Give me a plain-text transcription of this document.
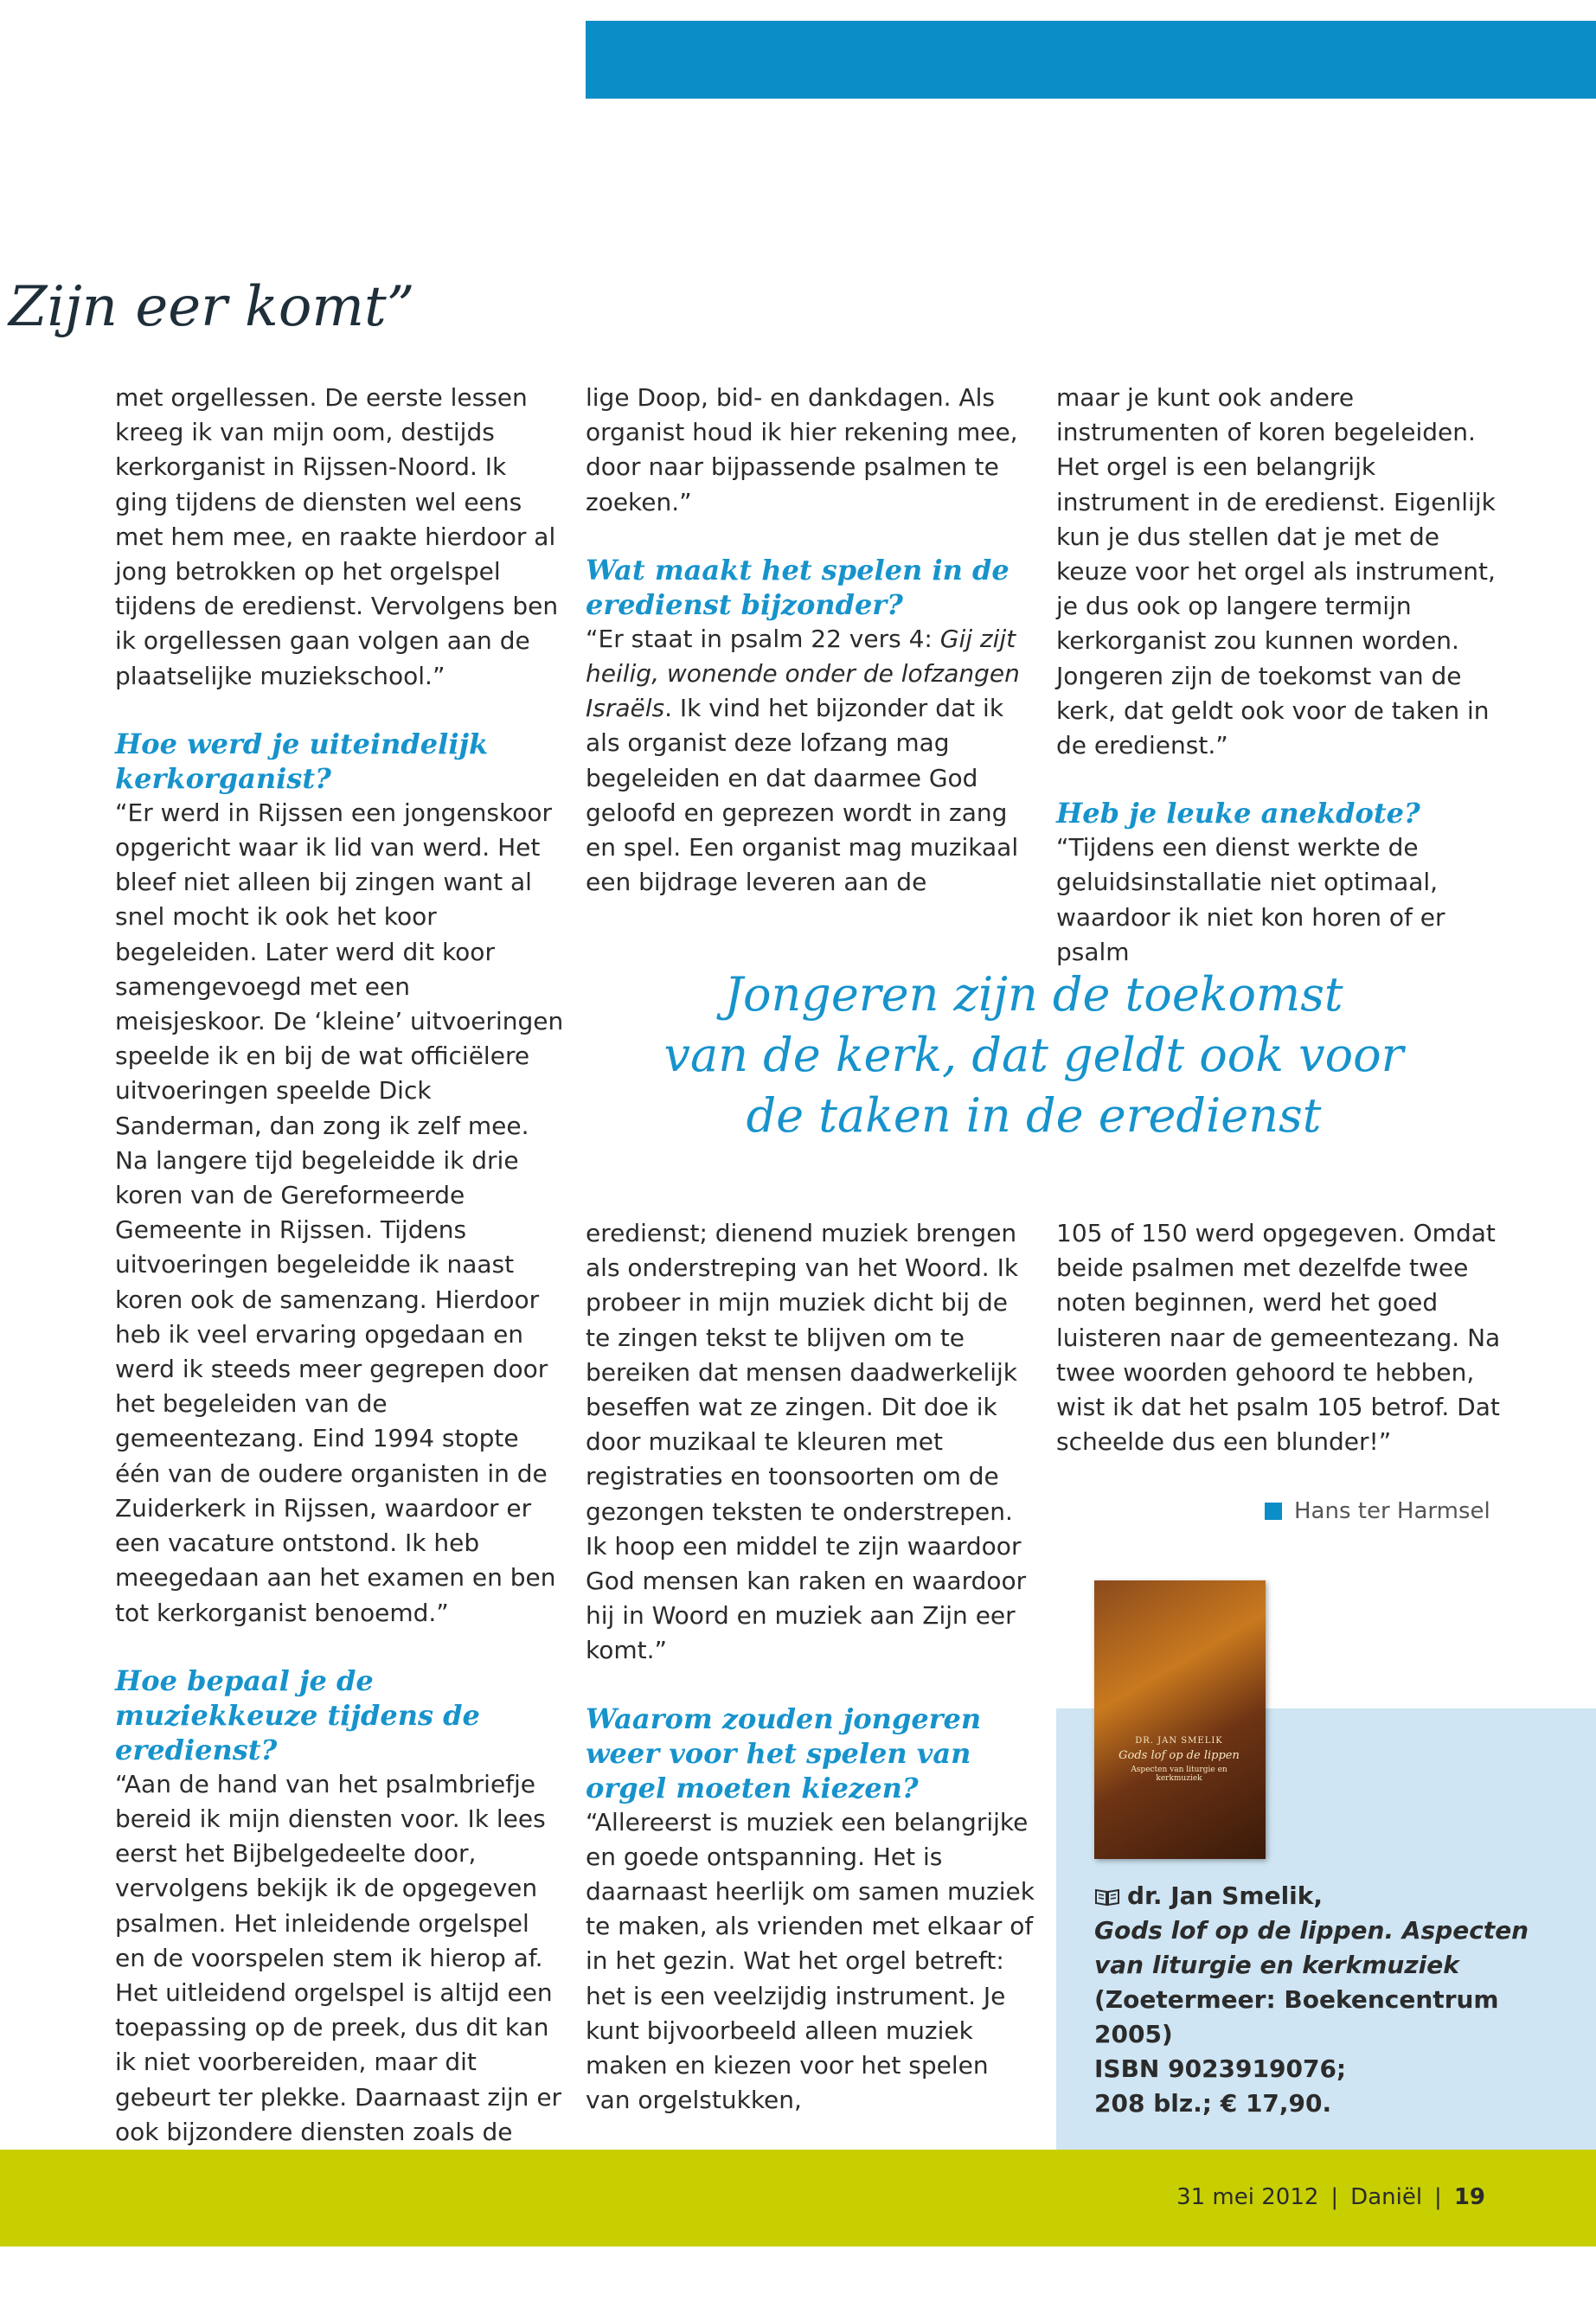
Zijn eer komt”

met orgellessen. De eerste lessen kreeg ik van mijn oom, destijds kerkorganist in Rijssen-Noord. Ik ging tijdens de diensten wel eens met hem mee, en raakte hierdoor al jong betrokken op het orgelspel tijdens de eredienst. Vervolgens ben ik orgellessen gaan volgen aan de plaatselijke muziekschool.”

Hoe werd je uiteindelijk kerkorganist?

“Er werd in Rijssen een jongenskoor opgericht waar ik lid van werd. Het bleef niet alleen bij zingen want al snel mocht ik ook het koor begeleiden. Later werd dit koor samengevoegd met een meisjeskoor. De ‘kleine’ uitvoeringen speelde ik en bij de wat officiëlere uitvoeringen speelde Dick Sanderman, dan zong ik zelf mee. Na langere tijd begeleidde ik drie koren van de Gereformeerde Gemeente in Rijssen. Tijdens uitvoeringen begeleidde ik naast koren ook de samenzang. Hierdoor heb ik veel ervaring opgedaan en werd ik steeds meer gegrepen door het begeleiden van de gemeentezang. Eind 1994 stopte één van de oudere organisten in de Zuiderkerk in Rijssen, waardoor er een vacature ontstond. Ik heb meegedaan aan het examen en ben tot kerkorganist benoemd.”

Hoe bepaal je de muziekkeuze tijdens de eredienst?

“Aan de hand van het psalmbriefje bereid ik mijn diensten voor. Ik lees eerst het Bijbelgedeelte door, vervolgens bekijk ik de opgegeven psalmen. Het inleidende orgelspel en de voorspelen stem ik hierop af. Het uitleidend orgelspel is altijd een toepassing op de preek, dus dit kan ik niet voorbereiden, maar dit gebeurt ter plekke. Daarnaast zijn er ook bijzondere diensten zoals de

lige Doop, bid- en dankdagen. Als organist houd ik hier rekening mee, door naar bijpassende psalmen te zoeken.”

Wat maakt het spelen in de eredienst bijzonder?

“Er staat in psalm 22 vers 4: Gij zijt heilig, wonende onder de lofzangen Israëls. Ik vind het bijzonder dat ik als organist deze lofzang mag begeleiden en dat daarmee God geloofd en geprezen wordt in zang en spel. Een organist mag muzikaal een bijdrage leveren aan de

maar je kunt ook andere instrumenten of koren begeleiden. Het orgel is een belangrijk instrument in de eredienst. Eigenlijk kun je dus stellen dat je met de keuze voor het orgel als instrument, je dus ook op langere termijn kerkorganist zou kunnen worden. Jongeren zijn de toekomst van de kerk, dat geldt ook voor de taken in de eredienst.”

Heb je leuke anekdote?

“Tijdens een dienst werkte de geluidsinstallatie niet optimaal, waardoor ik niet kon horen of er psalm

Jongeren zijn de toekomst
van de kerk, dat geldt ook voor
de taken in de eredienst

eredienst; dienend muziek brengen als onderstreping van het Woord. Ik probeer in mijn muziek dicht bij de te zingen tekst te blijven om te bereiken dat mensen daadwerkelijk beseffen wat ze zingen. Dit doe ik door muzikaal te kleuren met registraties en toonsoorten om de gezongen teksten te onderstrepen. Ik hoop een middel te zijn waardoor God mensen kan raken en waardoor hij in Woord en muziek aan Zijn eer komt.”

Waarom zouden jongeren weer voor het spelen van orgel moeten kiezen?

“Allereerst is muziek een belangrijke en goede ontspanning. Het is daarnaast heerlijk om samen muziek te maken, als vrienden met elkaar of in het gezin. Wat het orgel betreft: het is een veelzijdig instrument. Je kunt bijvoorbeeld alleen muziek maken en kiezen voor het spelen van orgelstukken,

105 of 150 werd opgegeven. Omdat beide psalmen met dezelfde twee noten beginnen, werd het goed luisteren naar de gemeentezang. Na twee woorden gehoord te hebben, wist ik dat het psalm 105 betrof. Dat scheelde dus een blunder!”

Hans ter Harmsel
DR. JAN SMELIK
Gods lof op de lippen
Aspecten van liturgie en kerkmuziek
dr. Jan Smelik,
Gods lof op de lippen. Aspecten van liturgie en kerkmuziek
(Zoetermeer: Boekencentrum 2005)
ISBN 9023919076;
208 blz.; € 17,90.
31 mei 2012 | Daniël | 19
